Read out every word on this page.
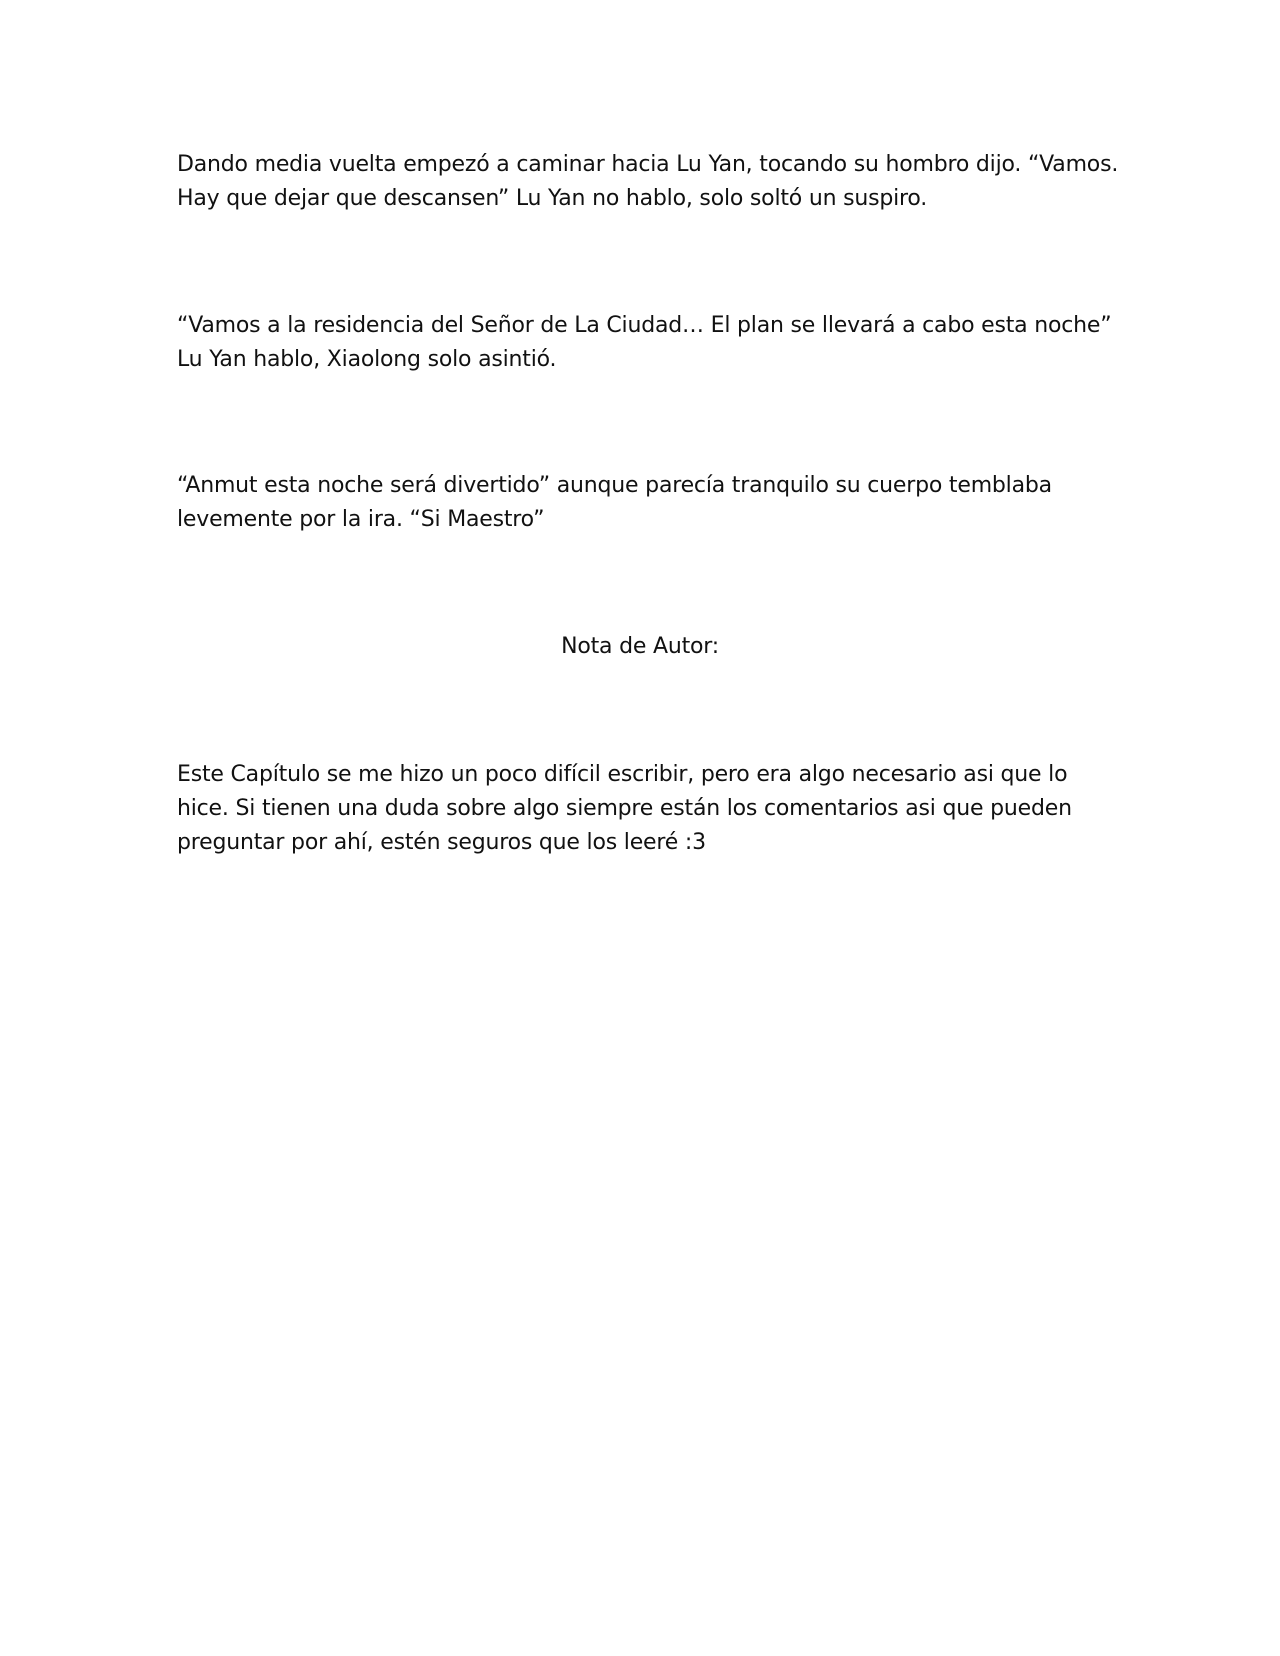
Dando media vuelta empezó a caminar hacia Lu Yan, tocando su hombro dijo. “Vamos.
Hay que dejar que descansen” Lu Yan no hablo, solo soltó un suspiro.

“Vamos a la residencia del Señor de La Ciudad… El plan se llevará a cabo esta noche”
Lu Yan hablo, Xiaolong solo asintió.

“Anmut esta noche será divertido” aunque parecía tranquilo su cuerpo temblaba
levemente por la ira. “Si Maestro”

Nota de Autor:

Este Capítulo se me hizo un poco difícil escribir, pero era algo necesario asi que lo
hice. Si tienen una duda sobre algo siempre están los comentarios asi que pueden
preguntar por ahí, estén seguros que los leeré :3
